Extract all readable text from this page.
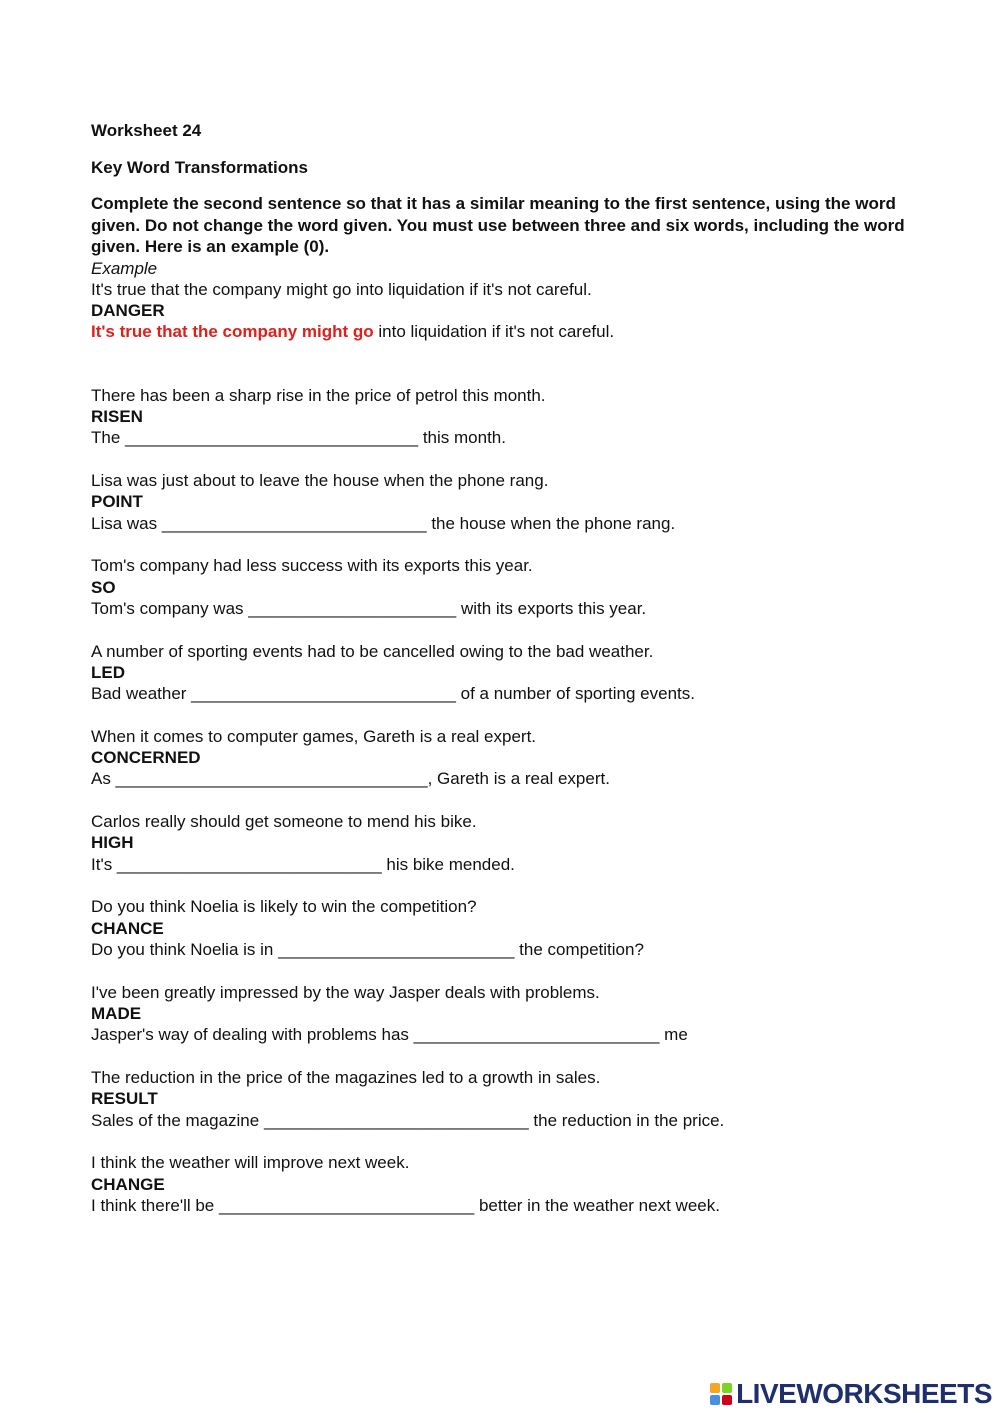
Worksheet 24

Key Word Transformations

Complete the second sentence so that it has a similar meaning to the first sentence, using the word given. Do not change the word given. You must use between three and six words, including the word given. Here is an example (0).

Example

It's true that the company might go into liquidation if it's not careful.

DANGER

It's true that the company might go into liquidation if it's not careful.

There has been a sharp rise in the price of petrol this month.

RISEN

The _______________________________ this month.

Lisa was just about to leave the house when the phone rang.

POINT

Lisa was ____________________________ the house when the phone rang.

Tom's company had less success with its exports this year.

SO

Tom's company was ______________________ with its exports this year.

A number of sporting events had to be cancelled owing to the bad weather.

LED

Bad weather ____________________________ of a number of sporting events.

When it comes to computer games, Gareth is a real expert.

CONCERNED

As _________________________________, Gareth is a real expert.

Carlos really should get someone to mend his bike.

HIGH

It's ____________________________ his bike mended.

Do you think Noelia is likely to win the competition?

CHANCE

Do you think Noelia is in _________________________ the competition?

I've been greatly impressed by the way Jasper deals with problems.

MADE

Jasper's way of dealing with problems has __________________________ me

The reduction in the price of the magazines led to a growth in sales.

RESULT

Sales of the magazine ____________________________ the reduction in the price.

I think the weather will improve next week.

CHANGE

I think there'll be ___________________________ better in the weather next week.

LIVEWORKSHEETS
